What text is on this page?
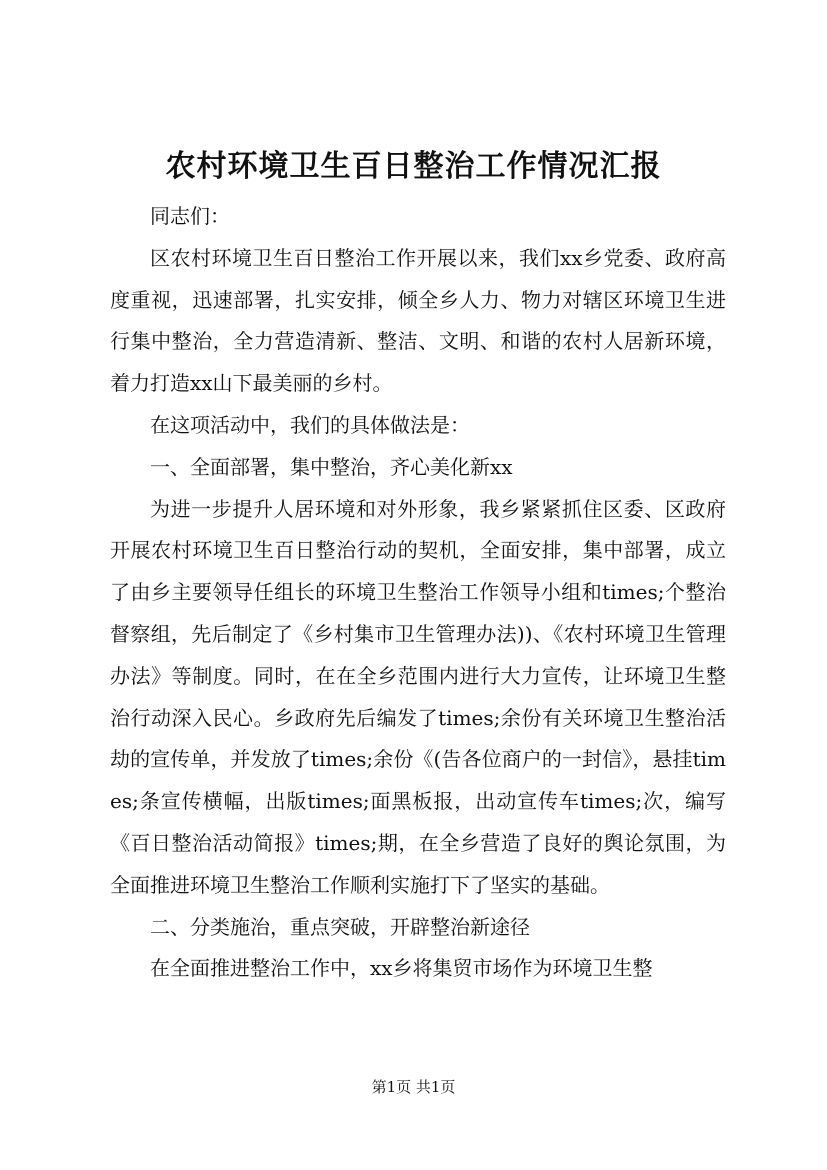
农村环境卫生百日整治工作情况汇报

同志们：

区农村环境卫生百日整治工作开展以来，我们xx乡党委、政府高度重视，迅速部署，扎实安排，倾全乡人力、物力对辖区环境卫生进行集中整治，全力营造清新、整洁、文明、和谐的农村人居新环境，着力打造xx山下最美丽的乡村。

在这项活动中，我们的具体做法是：

一、全面部署，集中整治，齐心美化新xx

为进一步提升人居环境和对外形象，我乡紧紧抓住区委、区政府开展农村环境卫生百日整治行动的契机，全面安排，集中部署，成立了由乡主要领导任组长的环境卫生整治工作领导小组和times;个整治督察组，先后制定了《乡村集市卫生管理办法))、《农村环境卫生管理办法》等制度。同时，在在全乡范围内进行大力宣传，让环境卫生整治行动深入民心。乡政府先后编发了times;余份有关环境卫生整治活劫的宣传单，并发放了times;余份《(告各位商户的一封信》，悬挂times;条宣传横幅，出版times;面黑板报，出动宣传车times;次，编写《百日整治活动简报》times;期，在全乡营造了良好的舆论氛围，为全面推进环境卫生整治工作顺利实施打下了坚实的基础。

二、分类施治，重点突破，开辟整治新途径

在全面推进整治工作中，xx乡将集贸市场作为环境卫生整

第1页 共1页
